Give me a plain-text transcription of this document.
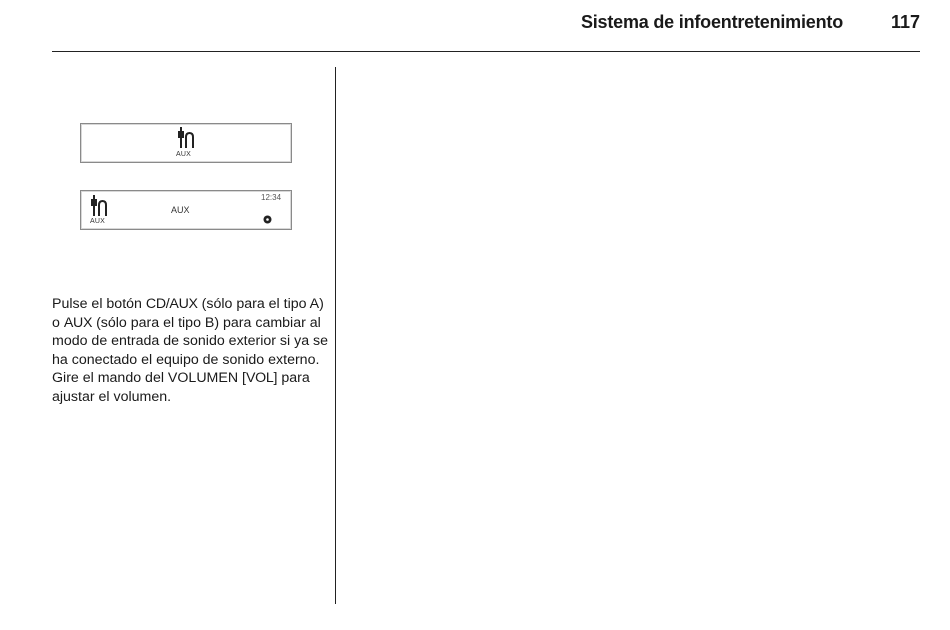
Sistema de infoentretenimiento	117
AUX
AUX
AUX
12:34

Pulse el botón CD/AUX (sólo para el tipo A) o AUX (sólo para el tipo B) para cambiar al modo de entrada de sonido exterior si ya se ha conectado el equipo de sonido externo. Gire el mando del VOLUMEN [VOL] para ajustar el volumen.
